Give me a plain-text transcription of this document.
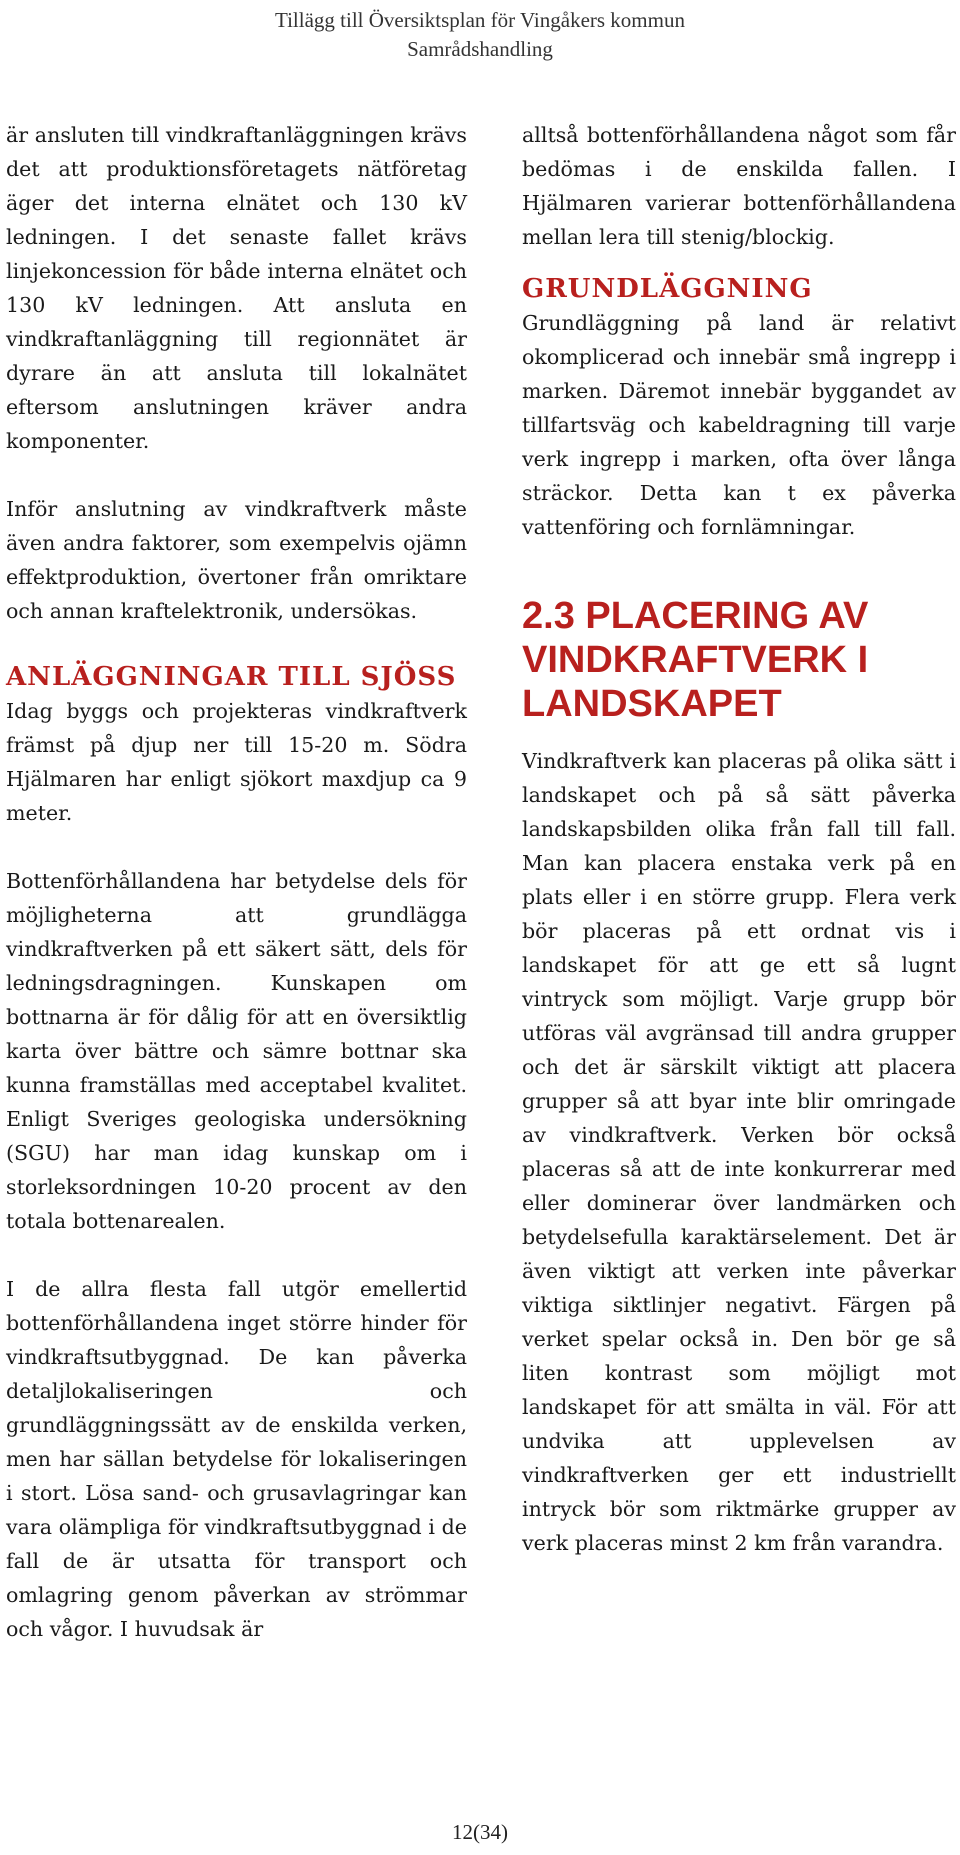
Tillägg till Översiktsplan för Vingåkers kommun
Samrådshandling

är ansluten till vindkraftanläggningen krävs det att produktionsföretagets nätföretag äger det interna elnätet och 130 kV ledningen. I det senaste fallet krävs linjekoncession för både interna elnätet och 130 kV ledningen. Att ansluta en vindkraftanläggning till regionnätet är dyrare än att ansluta till lokalnätet eftersom anslutningen kräver andra komponenter.

Inför anslutning av vindkraftverk måste även andra faktorer, som exempelvis ojämn effektproduktion, övertoner från omriktare och annan kraftelektronik, undersökas.

ANLÄGGNINGAR TILL SJÖSS

Idag byggs och projekteras vindkraftverk främst på djup ner till 15-20 m. Södra Hjälmaren har enligt sjökort maxdjup ca 9 meter.

Bottenförhållandena har betydelse dels för möjligheterna att grundlägga vindkraftverken på ett säkert sätt, dels för ledningsdragningen. Kunskapen om bottnarna är för dålig för att en översiktlig karta över bättre och sämre bottnar ska kunna framställas med acceptabel kvalitet. Enligt Sveriges geologiska undersökning (SGU) har man idag kunskap om i storleksordningen 10-20 procent av den totala bottenarealen.

I de allra flesta fall utgör emellertid bottenförhållandena inget större hinder för vindkraftsutbyggnad. De kan påverka detaljlokaliseringen och grundläggningssätt av de enskilda verken, men har sällan betydelse för lokaliseringen i stort. Lösa sand- och grusavlagringar kan vara olämpliga för vindkraftsutbyggnad i de fall de är utsatta för transport och omlagring genom påverkan av strömmar och vågor. I huvudsak är

alltså bottenförhållandena något som får bedömas i de enskilda fallen. I Hjälmaren varierar bottenförhållandena mellan lera till stenig/blockig.

GRUNDLÄGGNING

Grundläggning på land är relativt okomplicerad och innebär små ingrepp i marken. Däremot innebär byggandet av tillfartsväg och kabeldragning till varje verk ingrepp i marken, ofta över långa sträckor. Detta kan t ex påverka vattenföring och fornlämningar.

2.3 PLACERING AV VINDKRAFTVERK I LANDSKAPET

Vindkraftverk kan placeras på olika sätt i landskapet och på så sätt påverka landskapsbilden olika från fall till fall. Man kan placera enstaka verk på en plats eller i en större grupp. Flera verk bör placeras på ett ordnat vis i landskapet för att ge ett så lugnt vintryck som möjligt. Varje grupp bör utföras väl avgränsad till andra grupper och det är särskilt viktigt att placera grupper så att byar inte blir omringade av vindkraftverk. Verken bör också placeras så att de inte konkurrerar med eller dominerar över landmärken och betydelsefulla karaktärselement. Det är även viktigt att verken inte påverkar viktiga siktlinjer negativt. Färgen på verket spelar också in. Den bör ge så liten kontrast som möjligt mot landskapet för att smälta in väl. För att undvika att upplevelsen av vindkraftverken ger ett industriellt intryck bör som riktmärke grupper av verk placeras minst 2 km från varandra.

12(34)
